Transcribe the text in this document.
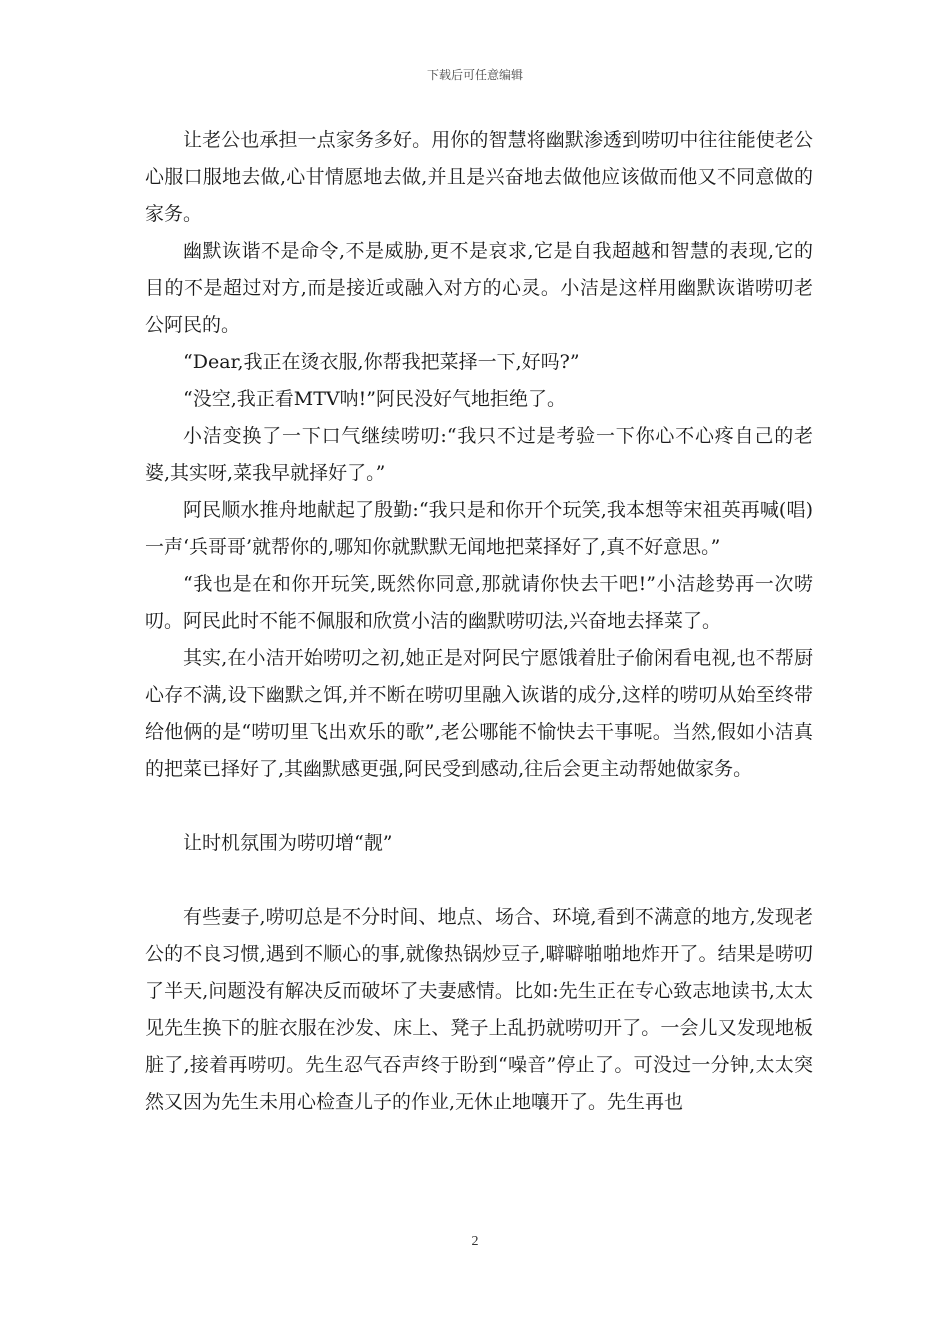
下载后可任意编辑

让老公也承担一点家务多好。用你的智慧将幽默渗透到唠叨中往往能使老公心服口服地去做,心甘情愿地去做,并且是兴奋地去做他应该做而他又不同意做的家务。

幽默诙谐不是命令,不是威胁,更不是哀求,它是自我超越和智慧的表现,它的目的不是超过对方,而是接近或融入对方的心灵。小洁是这样用幽默诙谐唠叨老公阿民的。

“Dear,我正在烫衣服,你帮我把菜择一下,好吗?”

“没空,我正看MTV呐!”阿民没好气地拒绝了。

小洁变换了一下口气继续唠叨:“我只不过是考验一下你心不心疼自己的老婆,其实呀,菜我早就择好了。”

阿民顺水推舟地献起了殷勤:“我只是和你开个玩笑,我本想等宋祖英再喊(唱)一声‘兵哥哥’就帮你的,哪知你就默默无闻地把菜择好了,真不好意思。”

“我也是在和你开玩笑,既然你同意,那就请你快去干吧!”小洁趁势再一次唠叨。阿民此时不能不佩服和欣赏小洁的幽默唠叨法,兴奋地去择菜了。

其实,在小洁开始唠叨之初,她正是对阿民宁愿饿着肚子偷闲看电视,也不帮厨心存不满,设下幽默之饵,并不断在唠叨里融入诙谐的成分,这样的唠叨从始至终带给他俩的是“唠叨里飞出欢乐的歌”,老公哪能不愉快去干事呢。当然,假如小洁真的把菜已择好了,其幽默感更强,阿民受到感动,往后会更主动帮她做家务。

让时机氛围为唠叨增“靓”

有些妻子,唠叨总是不分时间、地点、场合、环境,看到不满意的地方,发现老公的不良习惯,遇到不顺心的事,就像热锅炒豆子,噼噼啪啪地炸开了。结果是唠叨了半天,问题没有解决反而破坏了夫妻感情。比如:先生正在专心致志地读书,太太见先生换下的脏衣服在沙发、床上、凳子上乱扔就唠叨开了。一会儿又发现地板脏了,接着再唠叨。先生忍气吞声终于盼到“噪音”停止了。可没过一分钟,太太突然又因为先生未用心检查儿子的作业,无休止地嚷开了。先生再也

2
